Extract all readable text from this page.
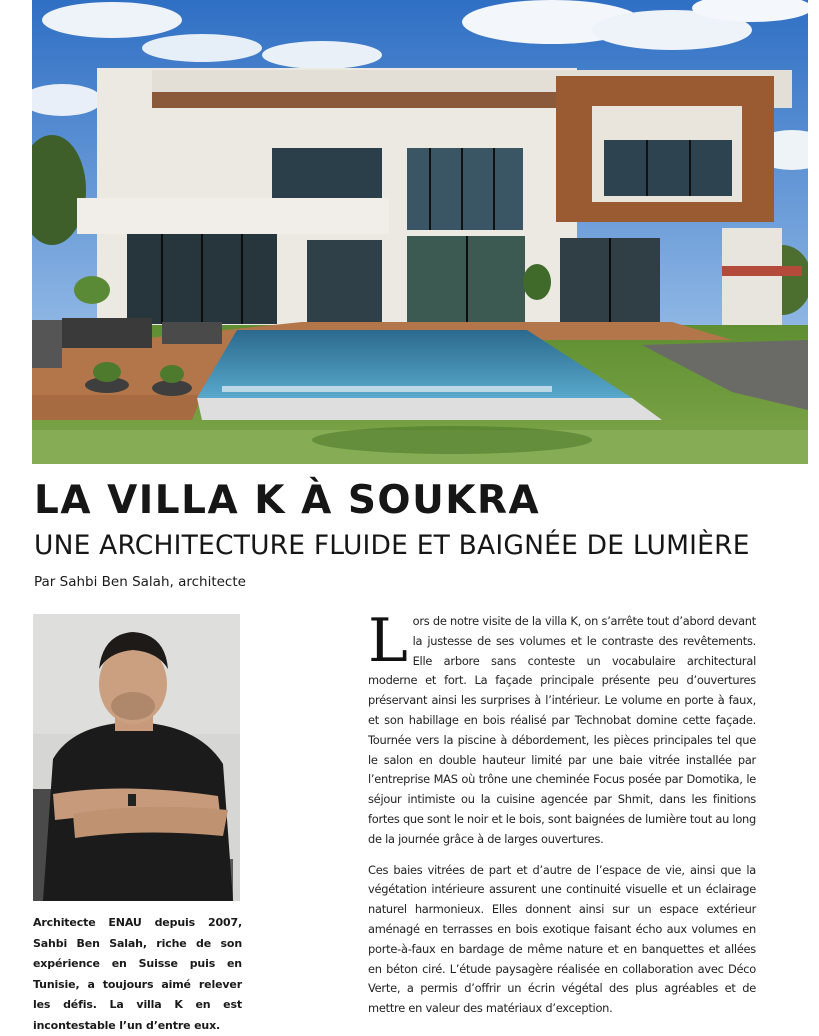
LA VILLA K À SOUKRA
UNE ARCHITECTURE FLUIDE ET BAIGNÉE DE LUMIÈRE

Par Sahbi Ben Salah, architecte

Architecte ENAU depuis 2007, Sahbi Ben Salah, riche de son expérience en Suisse puis en Tunisie, a toujours aimé relever les défis. La villa K en est incontestable l’un d’entre eux.

Lors de notre visite de la villa K, on s’arrête tout d’abord devant la justesse de ses volumes et le contraste des revêtements. Elle arbore sans conteste un vocabulaire architectural moderne et fort. La façade principale présente peu d’ouvertures préservant ainsi les surprises à l’intérieur. Le volume en porte à faux, et son habillage en bois réalisé par Technobat domine cette façade. Tournée vers la piscine à débordement, les pièces principales tel que le salon en double hauteur limité par une baie vitrée installée par l’entreprise MAS où trône une cheminée Focus posée par Domotika, le séjour intimiste ou la cuisine agencée par Shmit, dans les finitions fortes que sont le noir et le bois, sont baignées de lumière tout au long de la journée grâce à de larges ouvertures.

Ces baies vitrées de part et d’autre de l’espace de vie, ainsi que la végétation intérieure assurent une continuité visuelle et un éclairage naturel harmonieux. Elles donnent ainsi sur un espace extérieur aménagé en terrasses en bois exotique faisant écho aux volumes en porte-à-faux en bardage de même nature et en banquettes et allées en béton ciré. L’étude paysagère réalisée en collaboration avec Déco Verte, a permis d’offrir un écrin végétal des plus agréables et de mettre en valeur des matériaux d’exception.
